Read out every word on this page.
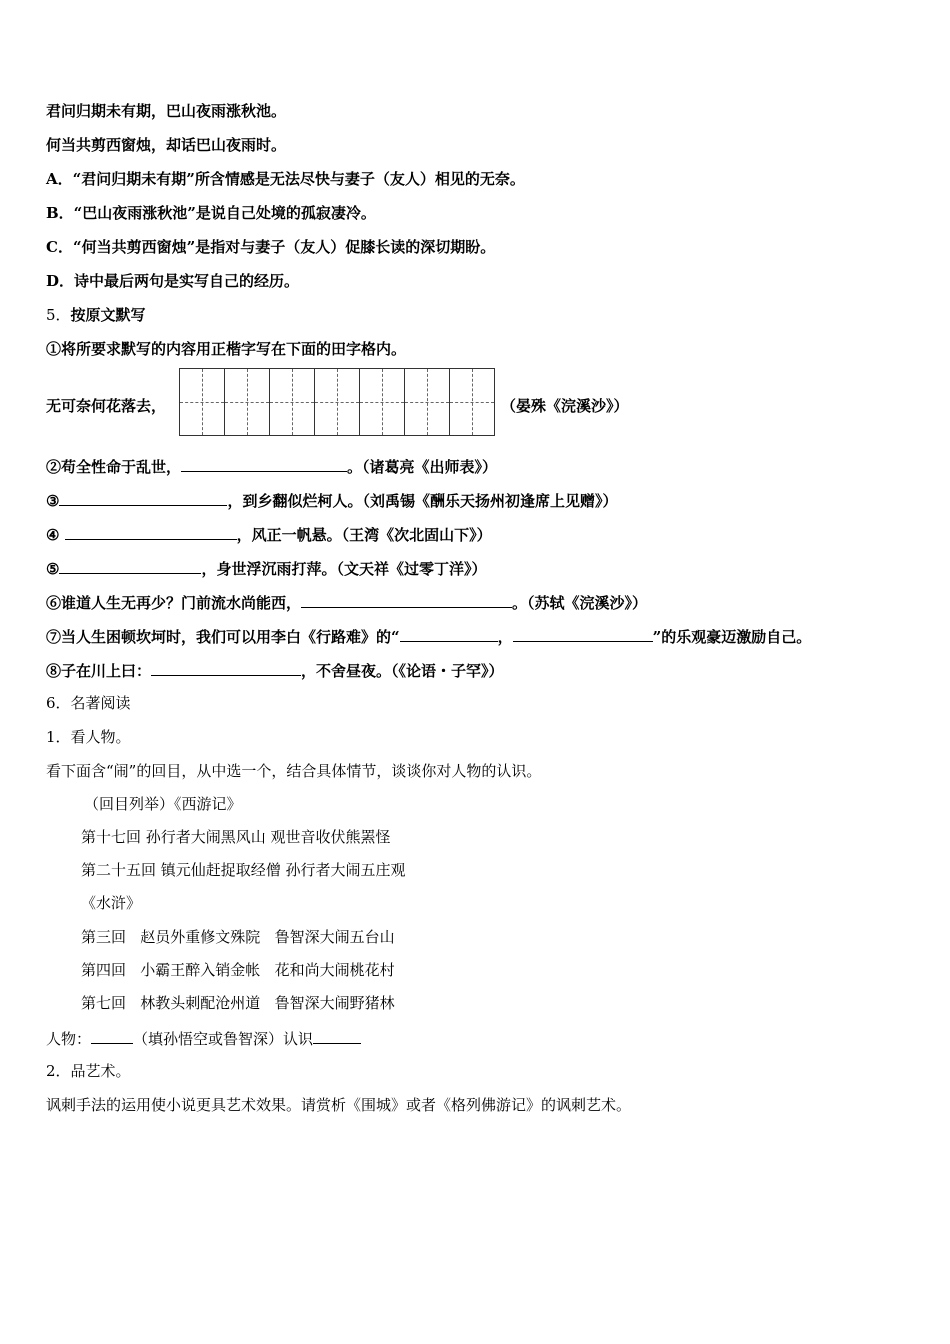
君问归期未有期，巴山夜雨涨秋池。
何当共剪西窗烛，却话巴山夜雨时。
A．“君问归期未有期”所含情感是无法尽快与妻子（友人）相见的无奈。
B．“巴山夜雨涨秋池”是说自己处境的孤寂凄冷。
C．“何当共剪西窗烛”是指对与妻子（友人）促膝长读的深切期盼。
D．诗中最后两句是实写自己的经历。
5．按原文默写
①将所要求默写的内容用正楷字写在下面的田字格内。
无可奈何花落去，	（晏殊《浣溪沙》）
②苟全性命于乱世，	。（诸葛亮《出师表》）
③	，到乡翻似烂柯人。（刘禹锡《酬乐天扬州初逢席上见赠》）
④	，风正一帆悬。（王湾《次北固山下》）
⑤	，身世浮沉雨打萍。（文天祥《过零丁洋》）
⑥谁道人生无再少？门前流水尚能西，	。（苏轼《浣溪沙》）
⑦当人生困顿坎坷时，我们可以用李白《行路难》的“	，	”的乐观豪迈激励自己。
⑧子在川上曰：	，不舍昼夜。（《论语・子罕》）
6．名著阅读
1．看人物。
看下面含“闹”的回目，从中选一个，结合具体情节，谈谈你对人物的认识。
（回目列举）《西游记》
第十七回 孙行者大闹黑风山 观世音收伏熊罴怪
第二十五回 镇元仙赶捉取经僧 孙行者大闹五庄观
《水浒》
第三回   赵员外重修文殊院   鲁智深大闹五台山
第四回   小霸王醉入销金帐   花和尚大闹桃花村
第七回   林教头刺配沧州道   鲁智深大闹野猪林
人物：	（填孙悟空或鲁智深）认识
2．品艺术。
讽刺手法的运用使小说更具艺术效果。请赏析《围城》或者《格列佛游记》的讽刺艺术。
